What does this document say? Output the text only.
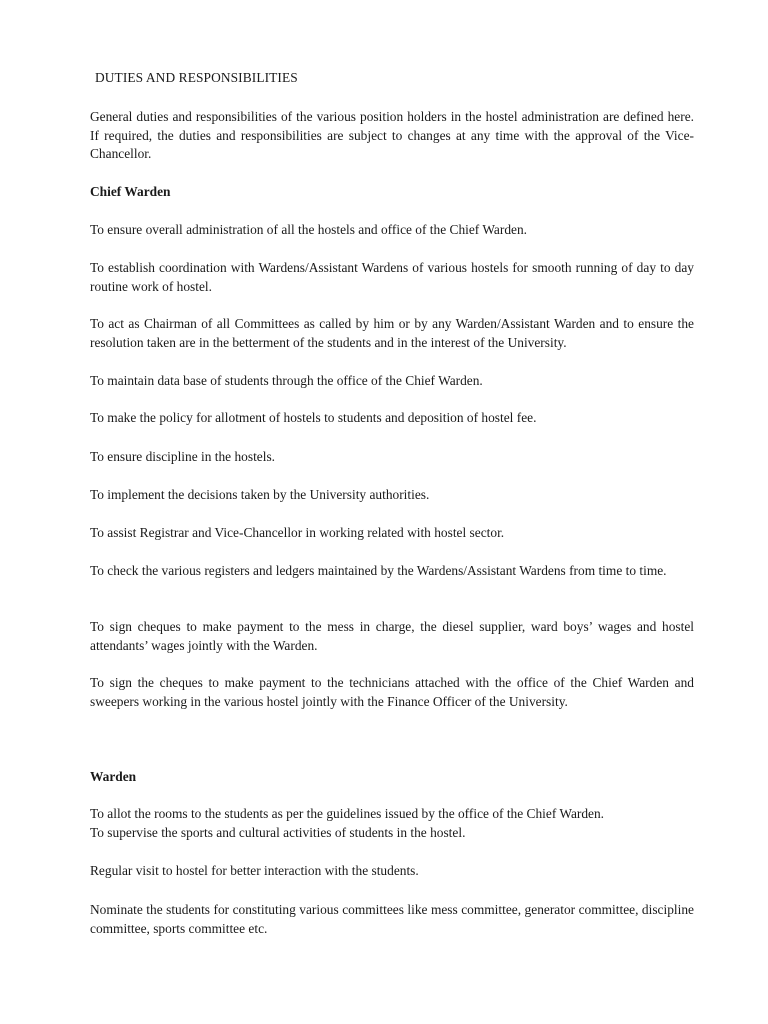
DUTIES AND RESPONSIBILITIES

General duties and responsibilities of the various position holders in the hostel administration are defined here. If required, the duties and responsibilities are subject to changes at any time with the approval of the Vice-Chancellor.

Chief Warden

To ensure overall administration of all the hostels and office of the Chief Warden.

To establish coordination with Wardens/Assistant Wardens of various hostels for smooth running of day to day routine work of hostel.

To act as Chairman of all Committees as called by him or by any Warden/Assistant Warden and to ensure the resolution taken are in the betterment of the students and in the interest of the University.

To maintain data base of students through the office of the Chief Warden.

To make the policy for allotment of hostels to students and deposition of hostel fee.

To ensure discipline in the hostels.

To implement the decisions taken by the University authorities.

To assist Registrar and Vice-Chancellor in working related with hostel sector.

To check the various registers and ledgers maintained by the Wardens/Assistant Wardens from time to time.

To sign cheques to make payment to the mess in charge, the diesel supplier, ward boys’ wages and hostel attendants’ wages jointly with the Warden.

To sign the cheques to make payment to the technicians attached with the office of the Chief Warden and sweepers working in the various hostel jointly with the Finance Officer of the University.

Warden

To allot the rooms to the students as per the guidelines issued by the office of the Chief Warden.

To supervise the sports and cultural activities of students in the hostel.

Regular visit to hostel for better interaction with the students.

Nominate the students for constituting various committees like mess committee, generator committee, discipline committee, sports committee etc.
